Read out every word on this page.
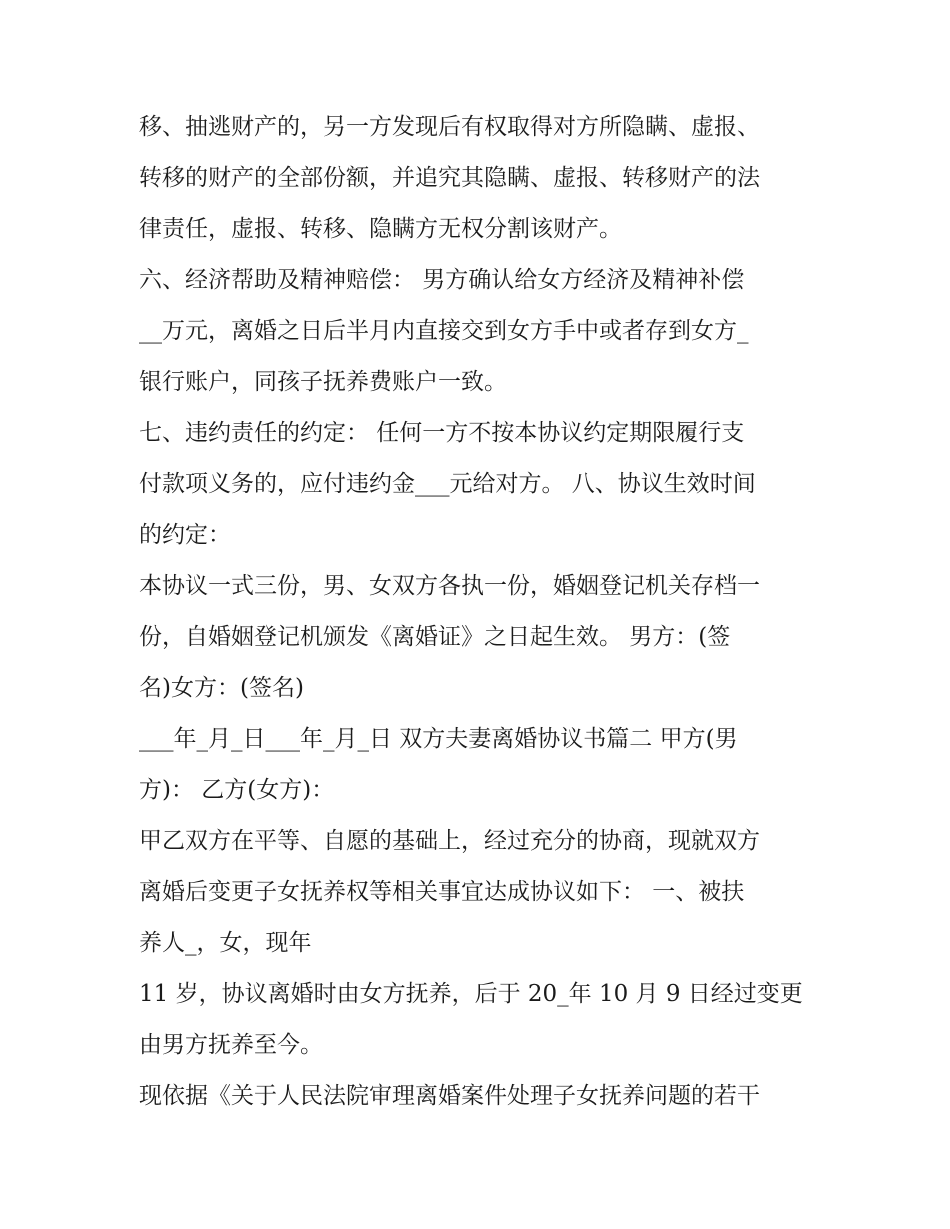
移、抽逃财产的，另一方发现后有权取得对方所隐瞒、虚报、
转移的财产的全部份额，并追究其隐瞒、虚报、转移财产的法
律责任，虚报、转移、隐瞒方无权分割该财产。
六、经济帮助及精神赔偿： 男方确认给女方经济及精神补偿
__万元，离婚之日后半月内直接交到女方手中或者存到女方_
银行账户，同孩子抚养费账户一致。
七、违约责任的约定： 任何一方不按本协议约定期限履行支
付款项义务的，应付违约金___元给对方。 八、协议生效时间
的约定：
本协议一式三份，男、女双方各执一份，婚姻登记机关存档一
份，自婚姻登记机颁发《离婚证》之日起生效。 男方：(签
名)女方：(签名)
___年_月_日___年_月_日 双方夫妻离婚协议书篇二 甲方(男
方)： 乙方(女方)：
甲乙双方在平等、自愿的基础上，经过充分的协商，现就双方
离婚后变更子女抚养权等相关事宜达成协议如下： 一、被扶
养人_，女，现年
11 岁，协议离婚时由女方抚养，后于 20_年 10 月 9 日经过变更
由男方抚养至今。
现依据《关于人民法院审理离婚案件处理子女抚养问题的若干
